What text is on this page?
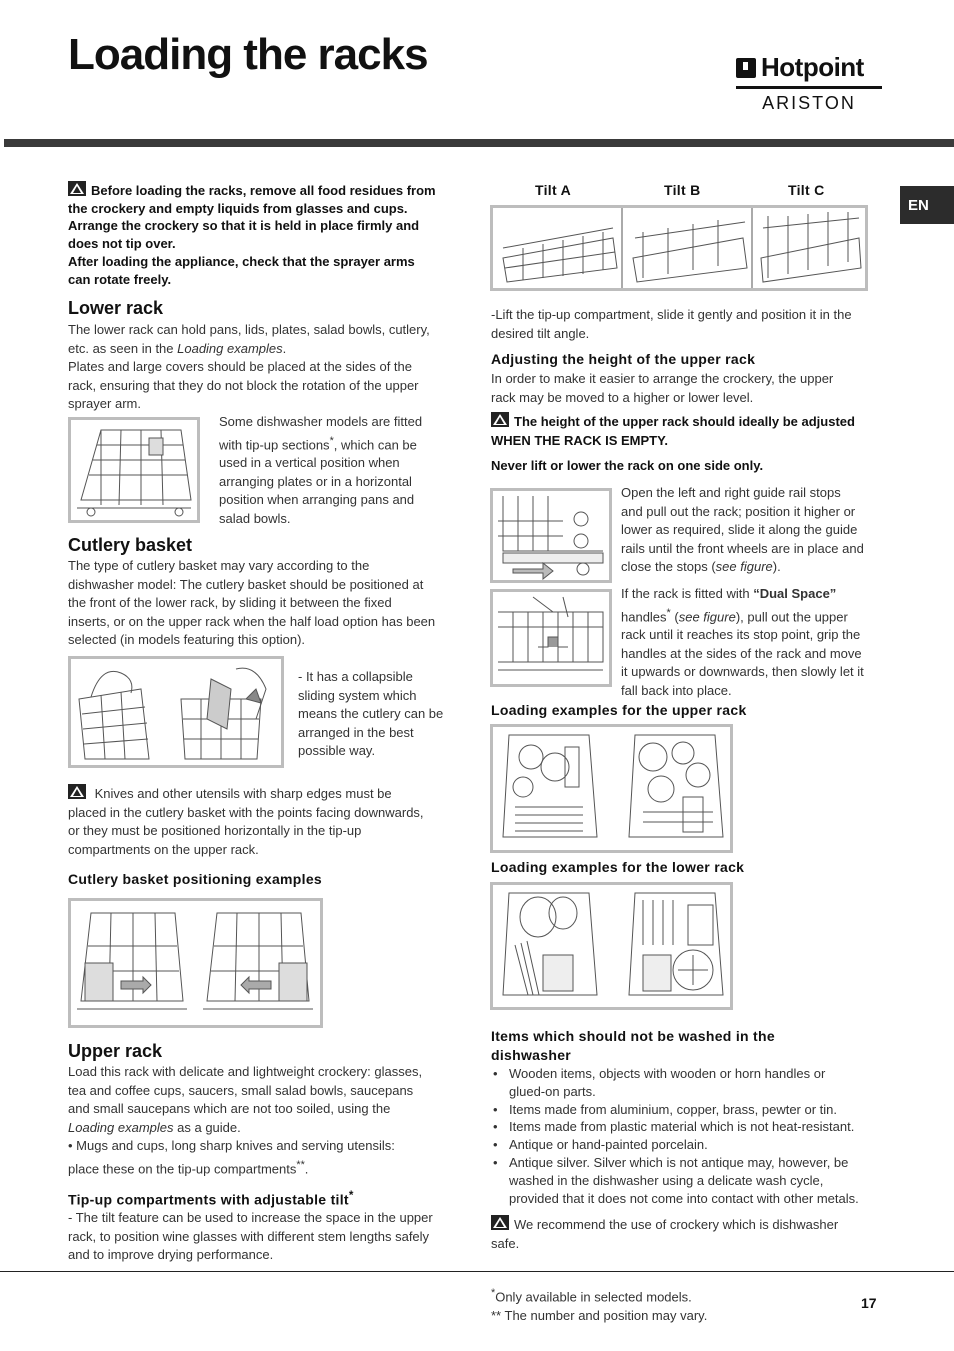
Loading the racks	Hotpoint
ARISTON
EN
Before loading the racks, remove all food residues from
the crockery and empty liquids from glasses and cups.
Arrange the crockery so that it is held in place firmly and
does not tip over.
After loading the appliance, check that the sprayer arms
can rotate freely.
Lower rack
The lower rack can hold pans, lids, plates, salad bowls, cutlery,
etc. as seen in the Loading examples.
Plates and large covers should be placed at the sides of the
rack, ensuring that they do not block the rotation of the upper
sprayer arm.
Some dishwasher models are fitted
with tip-up sections*, which can be
used in a vertical position when
arranging plates or in a horizontal
position when arranging pans and
salad bowls.
Cutlery basket
The type of cutlery basket may vary according to the
dishwasher model: The cutlery basket should be positioned at
the front of the lower rack, by sliding it between the fixed
inserts, or on the upper rack when the half load option has been
selected (in models featuring this option).
- It has a collapsible
sliding system which
means the cutlery can be
arranged in the best
possible way.
Knives and other utensils with sharp edges must be
placed in the cutlery basket with the points facing downwards,
or they must be positioned horizontally in the tip-up
compartments on the upper rack.
Cutlery basket positioning examples
Upper rack
Load this rack with delicate and lightweight crockery: glasses,
tea and coffee cups, saucers, small salad bowls, saucepans
and small saucepans which are not too soiled, using the
Loading examples as a guide.
• Mugs and cups, long sharp knives and serving utensils:
place these on the tip-up compartments**.
Tip-up compartments with adjustable tilt*
- The tilt feature can be used to increase the space in the upper
rack, to position wine glasses with different stem lengths safely
and to improve drying performance.
Tilt A	Tilt B	Tilt C
-Lift the tip-up compartment, slide it gently and position it in the
desired tilt angle.
Adjusting the height of the upper rack
In order to make it easier to arrange the crockery, the upper
rack may be moved to a higher or lower level.
The height of the upper rack should ideally be adjusted
WHEN THE RACK IS EMPTY.
Never lift or lower the rack on one side only.
Open the left and right guide rail stops
and pull out the rack; position it higher or
lower as required, slide it along the guide
rails until the front wheels are in place and
close the stops (see figure).
If the rack is fitted with “Dual Space”
handles* (see figure), pull out the upper
rack until it reaches its stop point, grip the
handles at the sides of the rack and move
it upwards or downwards, then slowly let it
fall back into place.
Loading examples for the upper rack
Loading examples for the lower rack
Items which should not be washed in the
dishwasher
• Wooden items, objects with wooden or horn handles or
glued-on parts.
• Items made from aluminium, copper, brass, pewter or tin.
• Items made from plastic material which is not heat-resistant.
• Antique or hand-painted porcelain.
• Antique silver. Silver which is not antique may, however, be
washed in the dishwasher using a delicate wash cycle,
provided that it does not come into contact with other metals.
We recommend the use of crockery which is dishwasher
safe.
*Only available in selected models.
** The number and position may vary.
17
